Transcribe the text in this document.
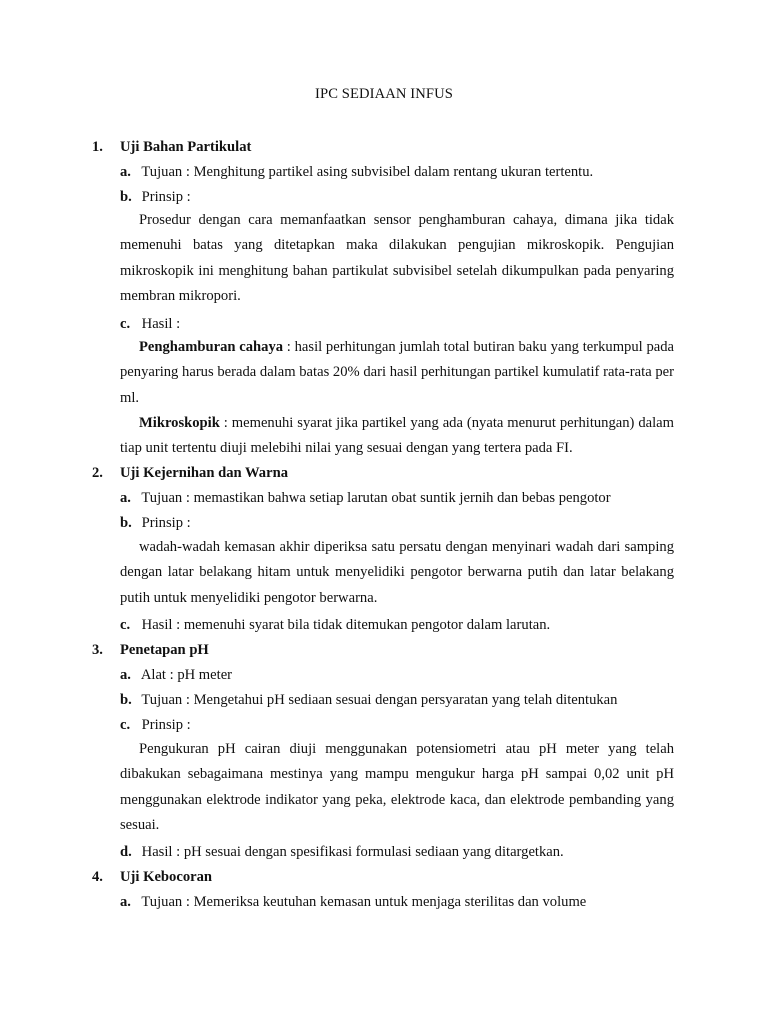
IPC SEDIAAN INFUS
1. Uji Bahan Partikulat
a. Tujuan : Menghitung partikel asing subvisibel dalam rentang ukuran tertentu.
b. Prinsip :
Prosedur dengan cara memanfaatkan sensor penghamburan cahaya, dimana jika tidak memenuhi batas yang ditetapkan maka dilakukan pengujian mikroskopik. Pengujian mikroskopik ini menghitung bahan partikulat subvisibel setelah dikumpulkan pada penyaring membran mikropori.
c. Hasil :
Penghamburan cahaya : hasil perhitungan jumlah total butiran baku yang terkumpul pada penyaring harus berada dalam batas 20% dari hasil perhitungan partikel kumulatif rata-rata per ml.
Mikroskopik : memenuhi syarat jika partikel yang ada (nyata menurut perhitungan) dalam tiap unit tertentu diuji melebihi nilai yang sesuai dengan yang tertera pada FI.
2. Uji Kejernihan dan Warna
a. Tujuan : memastikan bahwa setiap larutan obat suntik jernih dan bebas pengotor
b. Prinsip :
wadah-wadah kemasan akhir diperiksa satu persatu dengan menyinari wadah dari samping dengan latar belakang hitam untuk menyelidiki pengotor berwarna putih dan latar belakang putih untuk menyelidiki pengotor berwarna.
c. Hasil : memenuhi syarat bila tidak ditemukan pengotor dalam larutan.
3. Penetapan pH
a. Alat : pH meter
b. Tujuan : Mengetahui pH sediaan sesuai dengan persyaratan yang telah ditentukan
c. Prinsip :
Pengukuran pH cairan diuji menggunakan potensiometri atau pH meter yang telah dibakukan sebagaimana mestinya yang mampu mengukur harga pH sampai 0,02 unit pH menggunakan elektrode indikator yang peka, elektrode kaca, dan elektrode pembanding yang sesuai.
d. Hasil : pH sesuai dengan spesifikasi formulasi sediaan yang ditargetkan.
4. Uji Kebocoran
a. Tujuan : Memeriksa keutuhan kemasan untuk menjaga sterilitas dan volume
